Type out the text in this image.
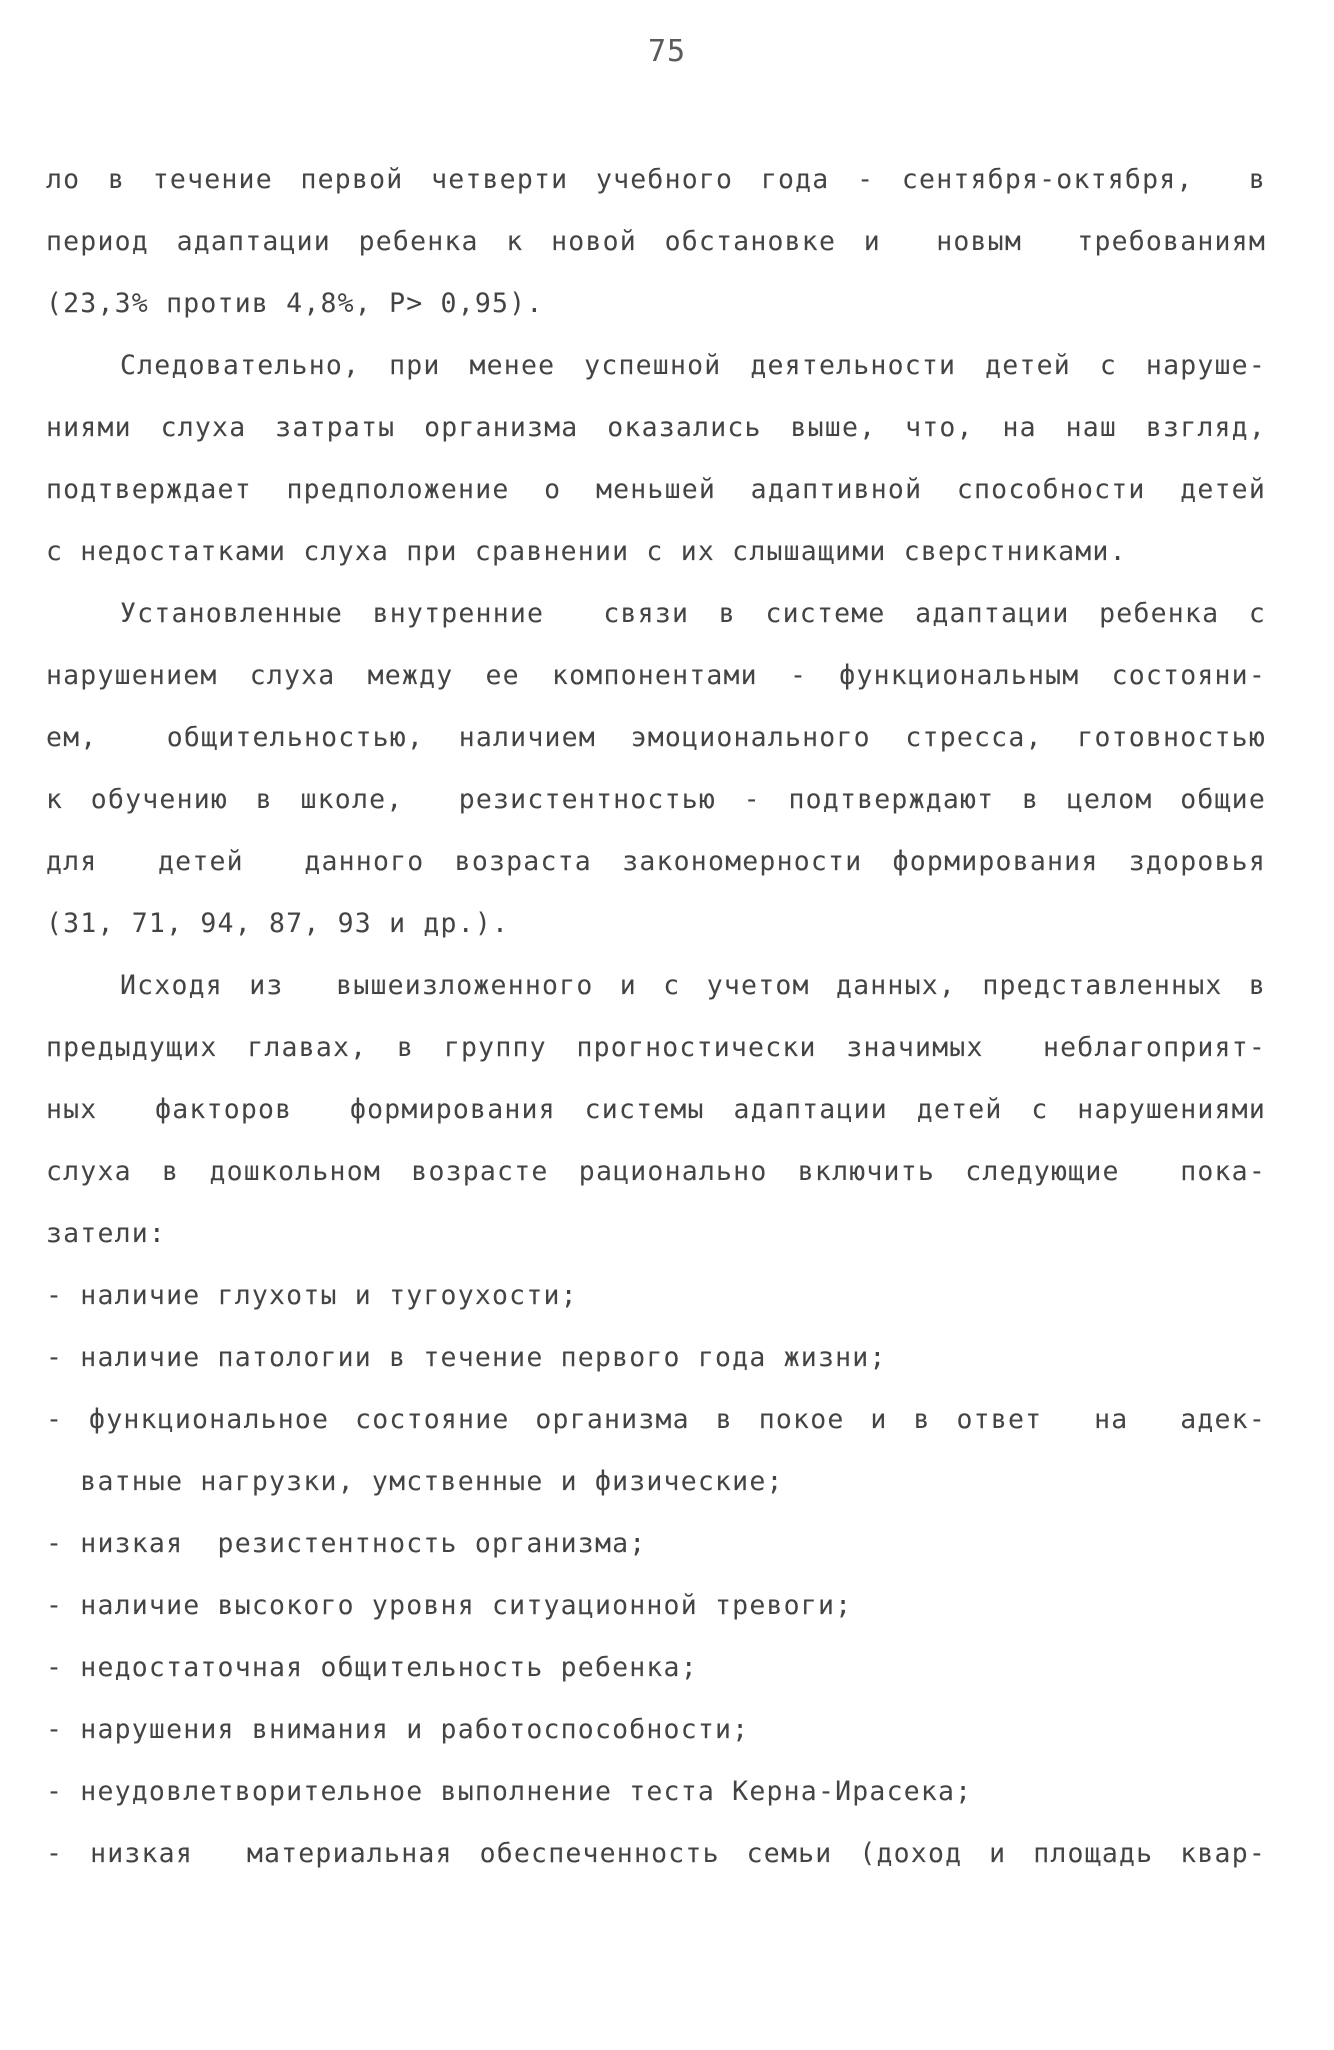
75
ло в течение первой четверти учебного года - сентября-октября,  в
период адаптации ребенка к новой обстановке и  новым  требованиям
(23,3% против 4,8%, P> 0,95).
Следовательно, при менее успешной деятельности детей с наруше-
ниями слуха затраты организма оказались выше, что, на наш взгляд,
подтверждает предположение о меньшей адаптивной способности детей
с недостатками слуха при сравнении с их слышащими сверстниками.
Установленные внутренние  связи в системе адаптации ребенка с
нарушением слуха между ее компонентами - функциональным состояни-
ем,  общительностью, наличием эмоционального стресса, готовностью
к обучению в школе,  резистентностью - подтверждают в целом общие
для  детей  данного возраста закономерности формирования здоровья
(31, 71, 94, 87, 93 и др.).
Исходя из  вышеизложенного и с учетом данных, представленных в
предыдущих главах, в группу прогностически значимых  неблагоприят-
ных  факторов  формирования системы адаптации детей с нарушениями
слуха в дошкольном возрасте рационально включить следующие  пока-
затели:
- наличие глухоты и тугоухости;
- наличие патологии в течение первого года жизни;
- функциональное состояние организма в покое и в ответ  на  адек-
ватные нагрузки, умственные и физические;
- низкая  резистентность организма;
- наличие высокого уровня ситуационной тревоги;
- недостаточная общительность ребенка;
- нарушения внимания и работоспособности;
- неудовлетворительное выполнение теста Керна-Ирасека;
- низкая  материальная обеспеченность семьи (доход и площадь квар-
